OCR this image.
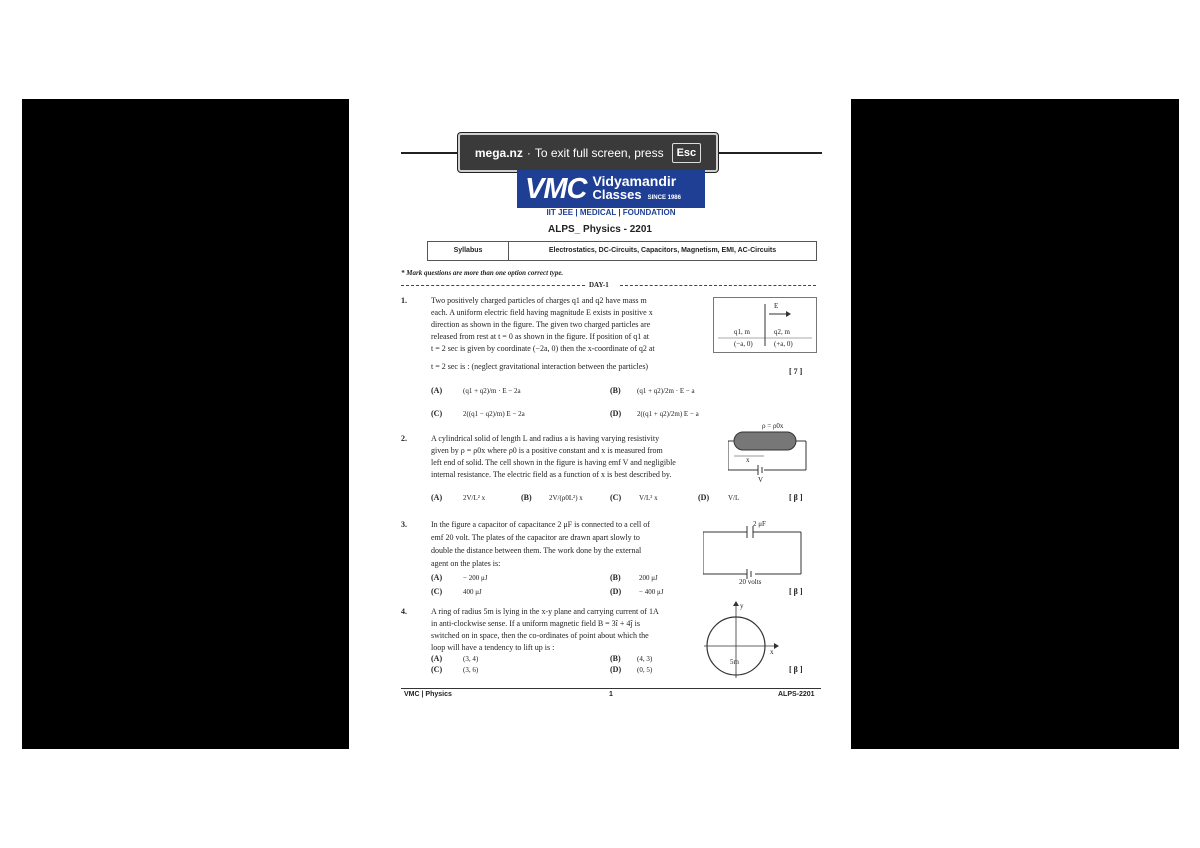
mega.nz · To exit full screen, press	Esc
VMC Vidyamandir
Classes SINCE 1986
IIT JEE | MEDICAL | FOUNDATION
ALPS_ Physics - 2201
Syllabus	Electrostatics, DC-Circuits, Capacitors, Magnetism, EMI, AC-Circuits
* Mark questions are more than one option correct type.
DAY-1
1.	Two positively charged particles of charges q1 and q2 have mass m
each. A uniform electric field having magnitude E exists in positive x
direction as shown in the figure. The given two charged particles are
released from rest at t = 0 as shown in the figure. If position of q1 at
t = 2 sec is given by coordinate (−2a, 0) then the x-coordinate of q2 at
t = 2 sec is : (neglect gravitational interaction between the particles)
[ 7 ]
E
q1, m	q2, m
(−a, 0)	(+a, 0)
(A)	(q1 + q2)/m · E − 2a	(B) (q1 + q2)/2m · E − a
(C)	2((q1 − q2)/m) E − 2a	(D) 2((q1 + q2)/2m) E − a
2.	A cylindrical solid of length L and radius a is having varying resistivity
given by ρ = ρ0x where ρ0 is a positive constant and x is measured from
left end of solid. The cell shown in the figure is having emf V and negligible
internal resistance. The electric field as a function of x is best described by.
ρ = ρ0x
x
V
(A)	2V/L² x	(B) 2V/(ρ0L²) x	(C)	V/L² x	(D)	V/L	[ β ]
3.	In the figure a capacitor of capacitance 2 μF is connected to a cell of
emf 20 volt. The plates of the capacitor are drawn apart slowly to
double the distance between them. The work done by the external
agent on the plates is:
2 μF
20 volts
(A)	− 200 μJ	(B)	200 μJ
(C)	400 μJ	(D)	− 400 μJ	[ β ]
4.	A ring of radius 5m is lying in the x-y plane and carrying current of 1A
in anti-clockwise sense. If a uniform magnetic field B = 3î + 4ĵ is
switched on in space, then the co-ordinates of point about which the
loop will have a tendency to lift up is :
y
x
5m
(A)	(3, 4)	(B) (4, 3)
(C)	(3, 6)	(D) (0, 5)	[ β ]
VMC | Physics	1	ALPS-2201
